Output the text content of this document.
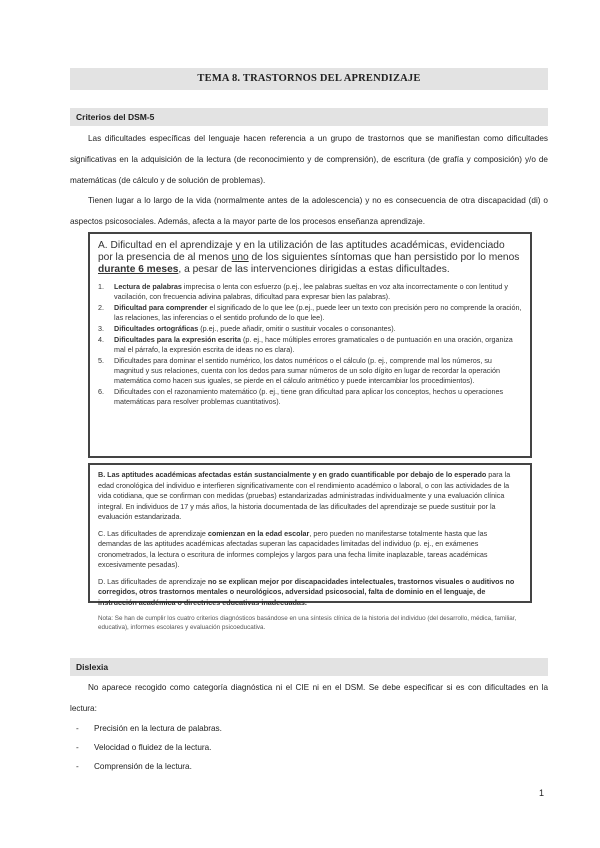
TEMA 8. TRASTORNOS DEL APRENDIZAJE
Criterios del DSM-5
Las dificultades específicas del lenguaje hacen referencia a un grupo de trastornos que se manifiestan como dificultades significativas en la adquisición de la lectura (de reconocimiento y de comprensión), de escritura (de grafía y composición) y/o de matemáticas (de cálculo y de solución de problemas).
Tienen lugar a lo largo de la vida (normalmente antes de la adolescencia) y no es consecuencia de otra discapacidad (di) o aspectos psicosociales. Además, afecta a la mayor parte de los procesos enseñanza aprendizaje.
A. Dificultad en el aprendizaje y en la utilización de las aptitudes académicas, evidenciado por la presencia de al menos uno de los siguientes síntomas que han persistido por lo menos durante 6 meses, a pesar de las intervenciones dirigidas a estas dificultades.
1. Lectura de palabras imprecisa o lenta con esfuerzo (p.ej., lee palabras sueltas en voz alta incorrectamente o con lentitud y vacilación, con frecuencia adivina palabras, dificultad para expresar bien las palabras).
2. Dificultad para comprender el significado de lo que lee (p.ej., puede leer un texto con precisión pero no comprende la oración, las relaciones, las inferencias o el sentido profundo de lo que lee).
3. Dificultades ortográficas (p.ej., puede añadir, omitir o sustituir vocales o consonantes).
4. Dificultades para la expresión escrita (p. ej., hace múltiples errores gramaticales o de puntuación en una oración, organiza mal el párrafo, la expresión escrita de ideas no es clara).
5. Dificultades para dominar el sentido numérico, los datos numéricos o el cálculo (p. ej., comprende mal los números, su magnitud y sus relaciones, cuenta con los dedos para sumar números de un solo dígito en lugar de recordar la operación matemática como hacen sus iguales, se pierde en el cálculo aritmético y puede intercambiar los procedimientos).
6. Dificultades con el razonamiento matemático (p. ej., tiene gran dificultad para aplicar los conceptos, hechos u operaciones matemáticas para resolver problemas cuantitativos).

B. Las aptitudes académicas afectadas están sustancialmente y en grado cuantificable por debajo de lo esperado para la edad cronológica del individuo e interfieren significativamente con el rendimiento académico o laboral, o con las actividades de la vida cotidiana, que se confirman con medidas (pruebas) estandarizadas administradas individualmente y una evaluación clínica integral. En individuos de 17 y más años, la historia documentada de las dificultades del aprendizaje se puede sustituir por la evaluación estandarizada.

C. Las dificultades de aprendizaje comienzan en la edad escolar, pero pueden no manifestarse totalmente hasta que las demandas de las aptitudes académicas afectadas superan las capacidades limitadas del individuo (p. ej., en exámenes cronometrados, la lectura o escritura de informes complejos y largos para una fecha límite inaplazable, tareas académicas excesivamente pesadas).

D. Las dificultades de aprendizaje no se explican mejor por discapacidades intelectuales, trastornos visuales o auditivos no corregidos, otros trastornos mentales o neurológicos, adversidad psicosocial, falta de dominio en el lenguaje, de instrucción académica o directrices educativas inadecuadas.

Nota: Se han de cumplir los cuatro criterios diagnósticos basándose en una síntesis clínica de la historia del individuo (del desarrollo, médica, familiar, educativa), informes escolares y evaluación psicoeducativa.

Dislexia
No aparece recogido como categoría diagnóstica ni el CIE ni en el DSM. Se debe especificar si es con dificultades en la lectura:
- Precisión en la lectura de palabras.
- Velocidad o fluidez de la lectura.
- Comprensión de la lectura.
1
